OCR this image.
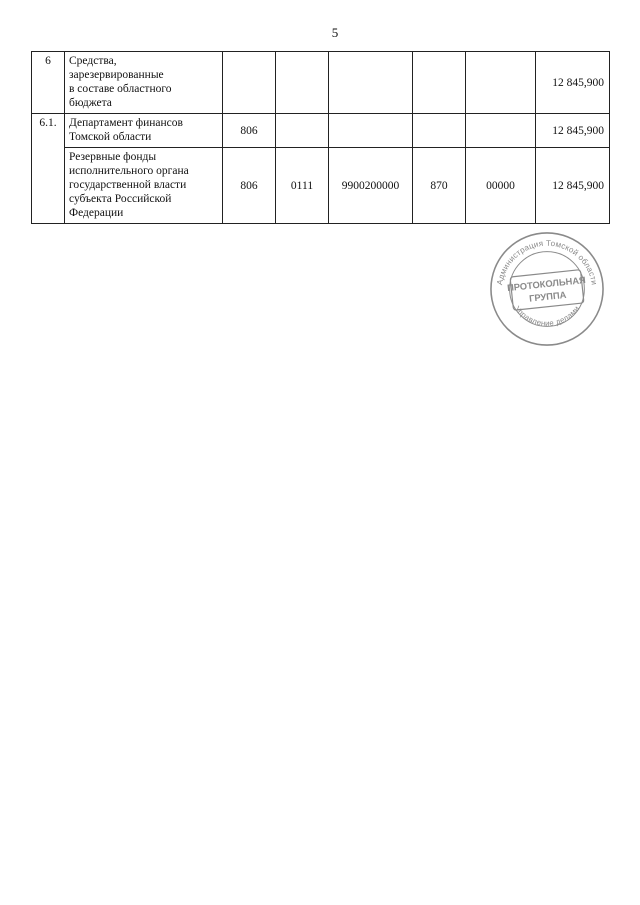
5
6	Средства,
зарезервированные
в составе областного
бюджета						12 845,900
6.1.	Департамент финансов
Томской области	806					12 845,900
	Резервные фонды
исполнительного органа
государственной власти
субъекта Российской
Федерации	806	0111	9900200000	870	00000	12 845,900
Администрация Томской области
Управление делами
ПРОТОКОЛЬНАЯ
ГРУППА
